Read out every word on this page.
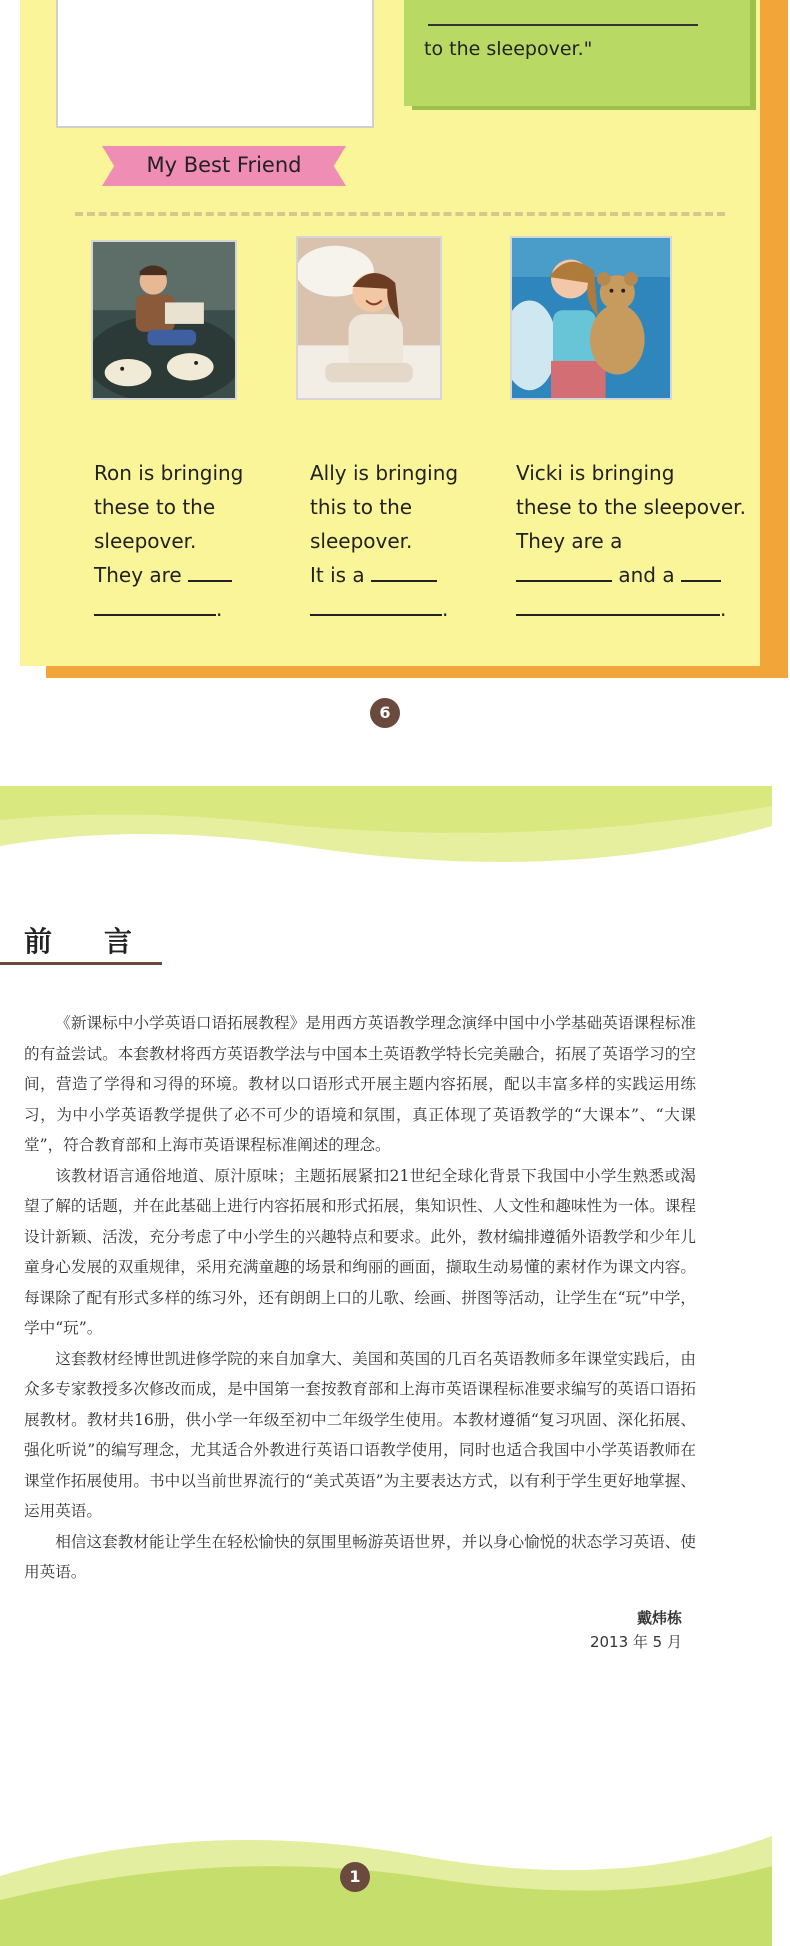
to the sleepover."
My Best Friend
Ron is bringing
these to the
sleepover.
They are
.
Ally is bringing
this to the
sleepover.
It is a
.
Vicki is bringing
these to the sleepover.
They are a
and a
.
6
前言

《新课标中小学英语口语拓展教程》是用西方英语教学理念演绎中国中小学基础英语课程标准的有益尝试。本套教材将西方英语教学法与中国本土英语教学特长完美融合，拓展了英语学习的空间，营造了学得和习得的环境。教材以口语形式开展主题内容拓展，配以丰富多样的实践运用练习，为中小学英语教学提供了必不可少的语境和氛围，真正体现了英语教学的“大课本”、“大课堂”，符合教育部和上海市英语课程标准阐述的理念。

该教材语言通俗地道、原汁原味；主题拓展紧扣21世纪全球化背景下我国中小学生熟悉或渴望了解的话题，并在此基础上进行内容拓展和形式拓展，集知识性、人文性和趣味性为一体。课程设计新颖、活泼，充分考虑了中小学生的兴趣特点和要求。此外，教材编排遵循外语教学和少年儿童身心发展的双重规律，采用充满童趣的场景和绚丽的画面，撷取生动易懂的素材作为课文内容。每课除了配有形式多样的练习外，还有朗朗上口的儿歌、绘画、拼图等活动，让学生在“玩”中学，学中“玩”。

这套教材经博世凯进修学院的来自加拿大、美国和英国的几百名英语教师多年课堂实践后，由众多专家教授多次修改而成，是中国第一套按教育部和上海市英语课程标准要求编写的英语口语拓展教材。教材共16册，供小学一年级至初中二年级学生使用。本教材遵循“复习巩固、深化拓展、强化听说”的编写理念，尤其适合外教进行英语口语教学使用，同时也适合我国中小学英语教师在课堂作拓展使用。书中以当前世界流行的“美式英语”为主要表达方式，以有利于学生更好地掌握、运用英语。

相信这套教材能让学生在轻松愉快的氛围里畅游英语世界，并以身心愉悦的状态学习英语、使用英语。

戴炜栋
2013 年 5 月
1
